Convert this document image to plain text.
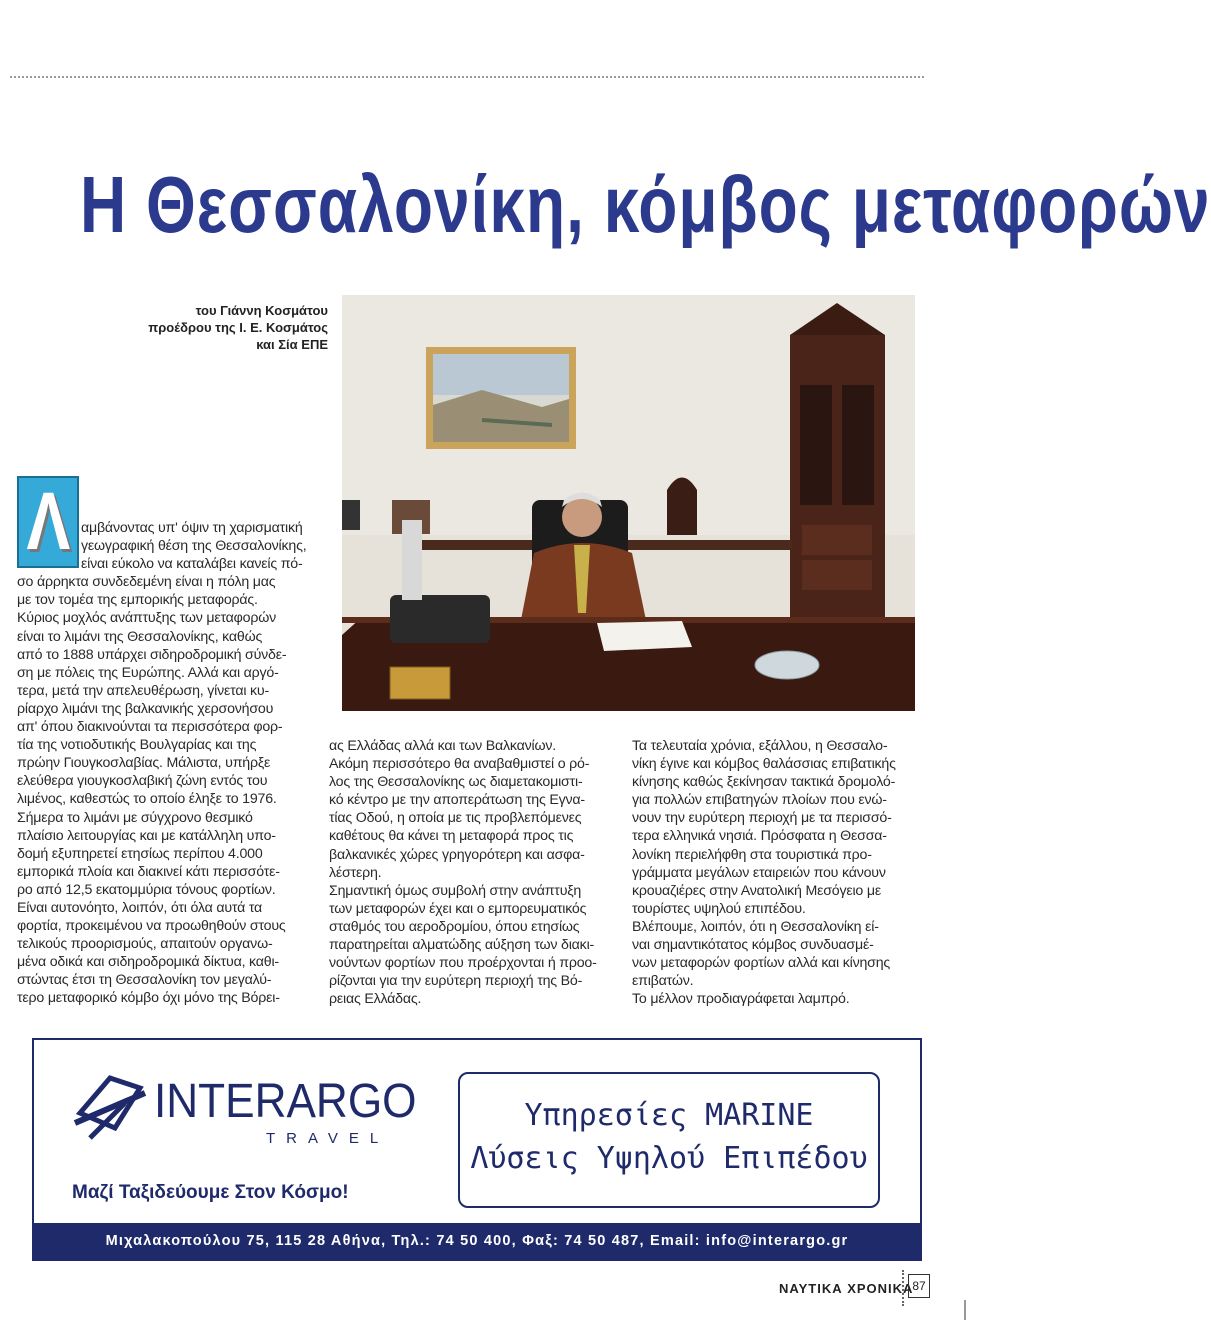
Η Θεσσαλονίκη, κόμβος μεταφορών
του Γιάννη Κοσμάτου
προέδρου της Ι. Ε. Κοσμάτος
και Σία ΕΠΕ
Λ αμβάνοντας υπ' όψιν τη χαρισματική

γεωγραφική θέση της Θεσσαλονίκης,

είναι εύκολο να καταλάβει κανείς πό-

σο άρρηκτα συνδεδεμένη είναι η πόλη μας

με τον τομέα της εμπορικής μεταφοράς.

Κύριος μοχλός ανάπτυξης των μεταφορών

είναι το λιμάνι της Θεσσαλονίκης, καθώς

από το 1888 υπάρχει σιδηροδρομική σύνδε-

ση με πόλεις της Ευρώπης. Αλλά και αργό-

τερα, μετά την απελευθέρωση, γίνεται κυ-

ρίαρχο λιμάνι της βαλκανικής χερσονήσου

απ' όπου διακινούνται τα περισσότερα φορ-

τία της νοτιοδυτικής Βουλγαρίας και της

πρώην Γιουγκοσλαβίας. Μάλιστα, υπήρξε

ελεύθερα γιουγκοσλαβική ζώνη εντός του

λιμένος, καθεστώς το οποίο έληξε το 1976.

Σήμερα το λιμάνι με σύγχρονο θεσμικό

πλαίσιο λειτουργίας και με κατάλληλη υπο-

δομή εξυπηρετεί ετησίως περίπου 4.000

εμπορικά πλοία και διακινεί κάτι περισσότε-

ρο από 12,5 εκατομμύρια τόνους φορτίων.

Είναι αυτονόητο, λοιπόν, ότι όλα αυτά τα

φορτία, προκειμένου να προωθηθούν στους

τελικούς προορισμούς, απαιτούν οργανω-

μένα οδικά και σιδηροδρομικά δίκτυα, καθι-

στώντας έτσι τη Θεσσαλονίκη τον μεγαλύ-

τερο μεταφορικό κόμβο όχι μόνο της Βόρει-

ας Ελλάδας αλλά και των Βαλκανίων.

Ακόμη περισσότερο θα αναβαθμιστεί ο ρό-

λος της Θεσσαλονίκης ως διαμετακομιστι-

κό κέντρο με την αποπεράτωση της Εγνα-

τίας Οδού, η οποία με τις προβλεπόμενες

καθέτους θα κάνει τη μεταφορά προς τις

βαλκανικές χώρες γρηγορότερη και ασφα-

λέστερη.

Σημαντική όμως συμβολή στην ανάπτυξη

των μεταφορών έχει και ο εμπορευματικός

σταθμός του αεροδρομίου, όπου ετησίως

παρατηρείται αλματώδης αύξηση των διακι-

νούντων φορτίων που προέρχονται ή προο-

ρίζονται για την ευρύτερη περιοχή της Βό-

ρειας Ελλάδας.

Τα τελευταία χρόνια, εξάλλου, η Θεσσαλο-

νίκη έγινε και κόμβος θαλάσσιας επιβατικής

κίνησης καθώς ξεκίνησαν τακτικά δρομολό-

για πολλών επιβατηγών πλοίων που ενώ-

νουν την ευρύτερη περιοχή με τα περισσό-

τερα ελληνικά νησιά. Πρόσφατα η Θεσσα-

λονίκη περιελήφθη στα τουριστικά προ-

γράμματα μεγάλων εταιρειών που κάνουν

κρουαζιέρες στην Ανατολική Μεσόγειο με

τουρίστες υψηλού επιπέδου.

Βλέπουμε, λοιπόν, ότι η Θεσσαλονίκη εί-

ναι σημαντικότατος κόμβος συνδυασμέ-

νων μεταφορών φορτίων αλλά και κίνησης

επιβατών.

Το μέλλον προδιαγράφεται λαμπρό.

INTERARGO
TRAVEL
Μαζί Ταξιδεύουμε Στον Κόσμο!
Υπηρεσίες MARINE
Λύσεις Υψηλού Επιπέδου
Μιχαλακοπούλου 75, 115 28 Αθήνα, Τηλ.: 74 50 400, Φαξ: 74 50 487, Email: info@interargo.gr
ΝΑΥΤΙΚΑ ΧΡΟΝΙΚΑ
87
